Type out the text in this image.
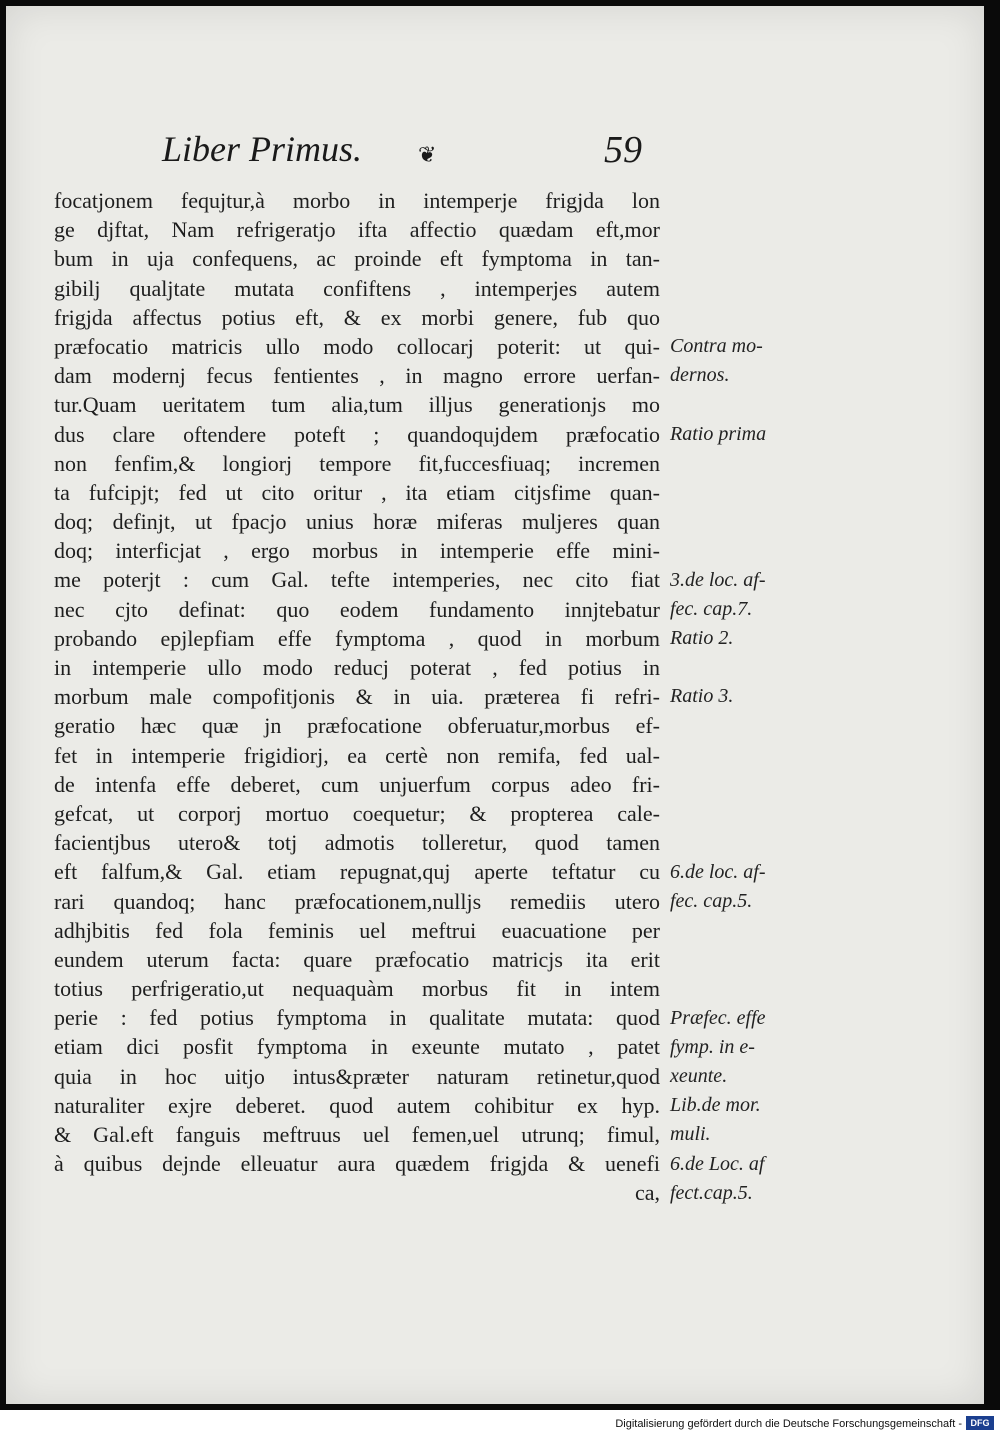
Liber Primus.	❦	59
focatjonem fequjtur,à morbo in intemperje frigjda lon
ge djftat, Nam refrigeratjo ifta affectio quædam eft,mor
bum in uja confequens, ac proinde eft fymptoma in tan-
gibilj qualjtate mutata confiftens , intemperjes autem
frigjda affectus potius eft, & ex morbi genere, fub quo
præfocatio matricis ullo modo collocarj poterit: ut qui-
dam modernj fecus fentientes , in magno errore uerfan-
tur.Quam ueritatem tum alia,tum illjus generationjs mo
dus clare oftendere poteft ; quandoqujdem præfocatio
non fenfim,& longiorj tempore fit,fuccesfiuaq; incremen
ta fufcipjt; fed ut cito oritur , ita etiam citjsfime quan-
doq; definjt, ut fpacjo unius horæ miferas muljeres quan
doq; interficjat , ergo morbus in intemperie effe mini-
me poterjt : cum Gal. tefte intemperies, nec cito fiat
nec cjto definat: quo eodem fundamento innjtebatur
probando epjlepfiam effe fymptoma , quod in morbum
in intemperie ullo modo reducj poterat , fed potius in
morbum male compofitjonis & in uia. præterea fi refri-
geratio hæc quæ jn præfocatione obferuatur,morbus ef-
fet in intemperie frigidiorj, ea certè non remifa, fed ual-
de intenfa effe deberet, cum unjuerfum corpus adeo fri-
gefcat, ut corporj mortuo coequetur; & propterea cale-
facientjbus utero& totj admotis tolleretur, quod tamen
eft falfum,& Gal. etiam repugnat,quj aperte teftatur cu
rari quandoq; hanc præfocationem,nulljs remediis utero
adhjbitis fed fola feminis uel meftrui euacuatione per
eundem uterum facta: quare præfocatio matricjs ita erit
totius perfrigeratio,ut nequaquàm morbus fit in intem
perie : fed potius fymptoma in qualitate mutata: quod
etiam dici posfit fymptoma in exeunte mutato , patet
quia in hoc uitjo intus&præter naturam retinetur,quod
naturaliter exjre deberet. quod autem cohibitur ex hyp.
& Gal.eft fanguis meftruus uel femen,uel utrunq; fimul,
à quibus dejnde elleuatur aura quædem frigjda & uenefi
ca,
Contra mo-
dernos.
Ratio prima
3.de loc. af-
fec. cap.7.
Ratio 2.
Ratio 3.
6.de loc. af-
fec. cap.5.
Præfec. effe
fymp. in e-
xeunte.
Lib.de mor.
muli.
6.de Loc. af
fect.cap.5.
Digitalisierung gefördert durch die Deutsche Forschungsgemeinschaft - DFG
